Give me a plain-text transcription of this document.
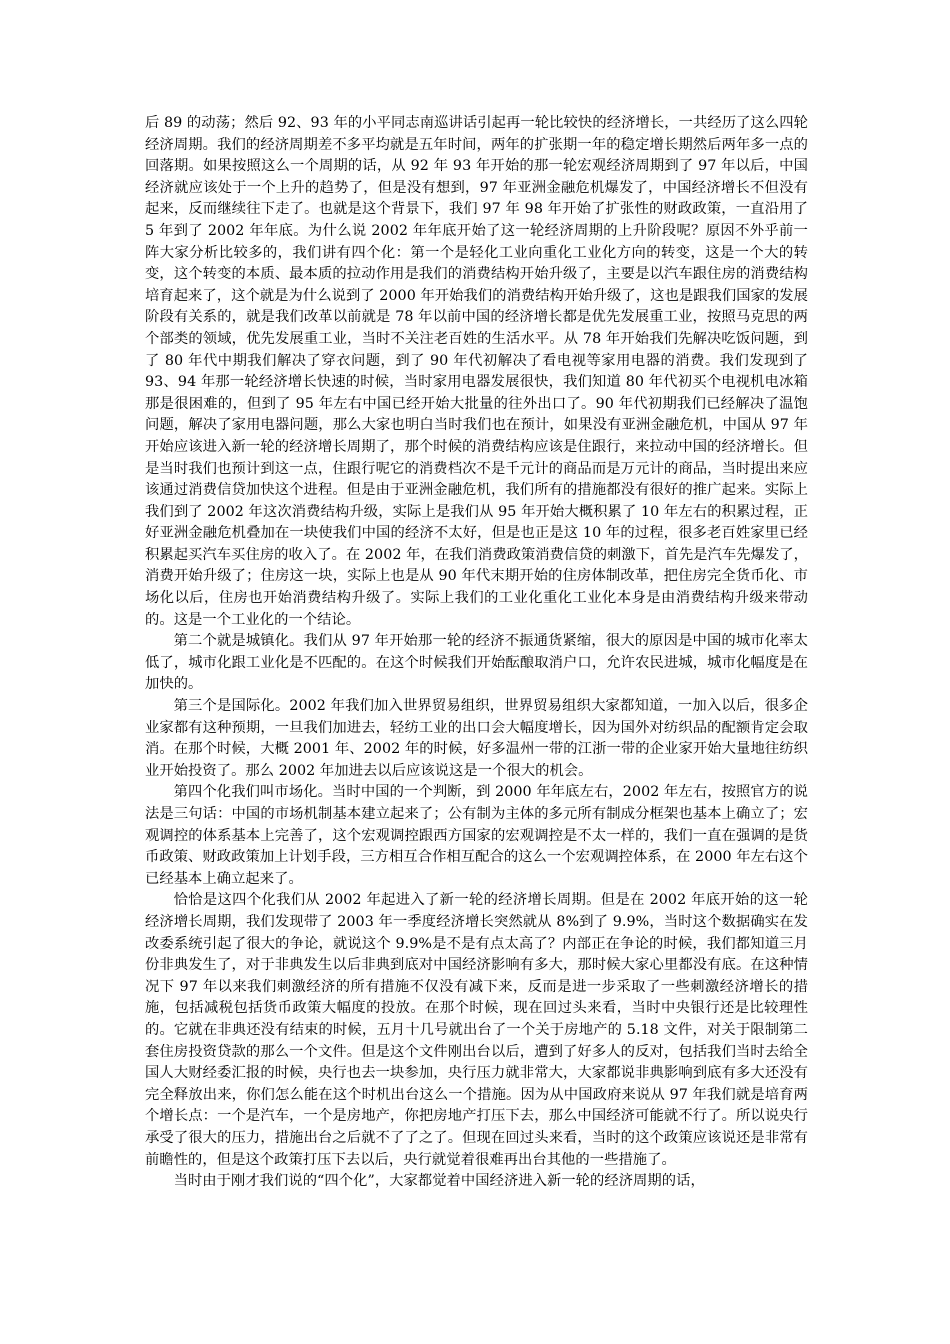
后 89 的动荡；然后 92、93 年的小平同志南巡讲话引起再一轮比较快的经济增长，一共经历了这么四轮经济周期。我们的经济周期差不多平均就是五年时间，两年的扩张期一年的稳定增长期然后两年多一点的回落期。如果按照这么一个周期的话，从 92 年 93 年开始的那一轮宏观经济周期到了 97 年以后，中国经济就应该处于一个上升的趋势了，但是没有想到，97 年亚洲金融危机爆发了，中国经济增长不但没有起来，反而继续往下走了。也就是这个背景下，我们 97 年 98 年开始了扩张性的财政政策，一直沿用了 5 年到了 2002 年年底。为什么说 2002 年年底开始了这一轮经济周期的上升阶段呢？原因不外乎前一阵大家分析比较多的，我们讲有四个化：第一个是轻化工业向重化工业化方向的转变，这是一个大的转变，这个转变的本质、最本质的拉动作用是我们的消费结构开始升级了，主要是以汽车跟住房的消费结构培育起来了，这个就是为什么说到了 2000 年开始我们的消费结构开始升级了，这也是跟我们国家的发展阶段有关系的，就是我们改革以前就是 78 年以前中国的经济增长都是优先发展重工业，按照马克思的两个部类的领域，优先发展重工业，当时不关注老百姓的生活水平。从 78 年开始我们先解决吃饭问题，到了 80 年代中期我们解决了穿衣问题，到了 90 年代初解决了看电视等家用电器的消费。我们发现到了 93、94 年那一轮经济增长快速的时候，当时家用电器发展很快，我们知道 80 年代初买个电视机电冰箱那是很困难的，但到了 95 年左右中国已经开始大批量的往外出口了。90 年代初期我们已经解决了温饱问题，解决了家用电器问题，那么大家也明白当时我们也在预计，如果没有亚洲金融危机，中国从 97 年开始应该进入新一轮的经济增长周期了，那个时候的消费结构应该是住跟行，来拉动中国的经济增长。但是当时我们也预计到这一点，住跟行呢它的消费档次不是千元计的商品而是万元计的商品，当时提出来应该通过消费信贷加快这个进程。但是由于亚洲金融危机，我们所有的措施都没有很好的推广起来。实际上我们到了 2002 年这次消费结构升级，实际上是我们从 95 年开始大概积累了 10 年左右的积累过程，正好亚洲金融危机叠加在一块使我们中国的经济不太好，但是也正是这 10 年的过程，很多老百姓家里已经积累起买汽车买住房的收入了。在 2002 年，在我们消费政策消费信贷的刺激下，首先是汽车先爆发了，消费开始升级了；住房这一块，实际上也是从 90 年代末期开始的住房体制改革，把住房完全货币化、市场化以后，住房也开始消费结构升级了。实际上我们的工业化重化工业化本身是由消费结构升级来带动的。这是一个工业化的一个结论。

第二个就是城镇化。我们从 97 年开始那一轮的经济不振通货紧缩，很大的原因是中国的城市化率太低了，城市化跟工业化是不匹配的。在这个时候我们开始酝酿取消户口，允许农民进城，城市化幅度是在加快的。

第三个是国际化。2002 年我们加入世界贸易组织，世界贸易组织大家都知道，一加入以后，很多企业家都有这种预期，一旦我们加进去，轻纺工业的出口会大幅度增长，因为国外对纺织品的配额肯定会取消。在那个时候，大概 2001 年、2002 年的时候，好多温州一带的江浙一带的企业家开始大量地往纺织业开始投资了。那么 2002 年加进去以后应该说这是一个很大的机会。

第四个化我们叫市场化。当时中国的一个判断，到 2000 年年底左右，2002 年左右，按照官方的说法是三句话：中国的市场机制基本建立起来了；公有制为主体的多元所有制成分框架也基本上确立了；宏观调控的体系基本上完善了，这个宏观调控跟西方国家的宏观调控是不太一样的，我们一直在强调的是货币政策、财政政策加上计划手段，三方相互合作相互配合的这么一个宏观调控体系，在 2000 年左右这个已经基本上确立起来了。

恰恰是这四个化我们从 2002 年起进入了新一轮的经济增长周期。但是在 2002 年底开始的这一轮经济增长周期，我们发现带了 2003 年一季度经济增长突然就从 8%到了 9.9%，当时这个数据确实在发改委系统引起了很大的争论，就说这个 9.9%是不是有点太高了？内部正在争论的时候，我们都知道三月份非典发生了，对于非典发生以后非典到底对中国经济影响有多大，那时候大家心里都没有底。在这种情况下 97 年以来我们刺激经济的所有措施不仅没有减下来，反而是进一步采取了一些刺激经济增长的措施，包括减税包括货币政策大幅度的投放。在那个时候，现在回过头来看，当时中央银行还是比较理性的。它就在非典还没有结束的时候，五月十几号就出台了一个关于房地产的 5.18 文件，对关于限制第二套住房投资贷款的那么一个文件。但是这个文件刚出台以后，遭到了好多人的反对，包括我们当时去给全国人大财经委汇报的时候，央行也去一块参加，央行压力就非常大，大家都说非典影响到底有多大还没有完全释放出来，你们怎么能在这个时机出台这么一个措施。因为从中国政府来说从 97 年我们就是培育两个增长点：一个是汽车，一个是房地产，你把房地产打压下去，那么中国经济可能就不行了。所以说央行承受了很大的压力，措施出台之后就不了了之了。但现在回过头来看，当时的这个政策应该说还是非常有前瞻性的，但是这个政策打压下去以后，央行就觉着很难再出台其他的一些措施了。

当时由于刚才我们说的“四个化”，大家都觉着中国经济进入新一轮的经济周期的话，
